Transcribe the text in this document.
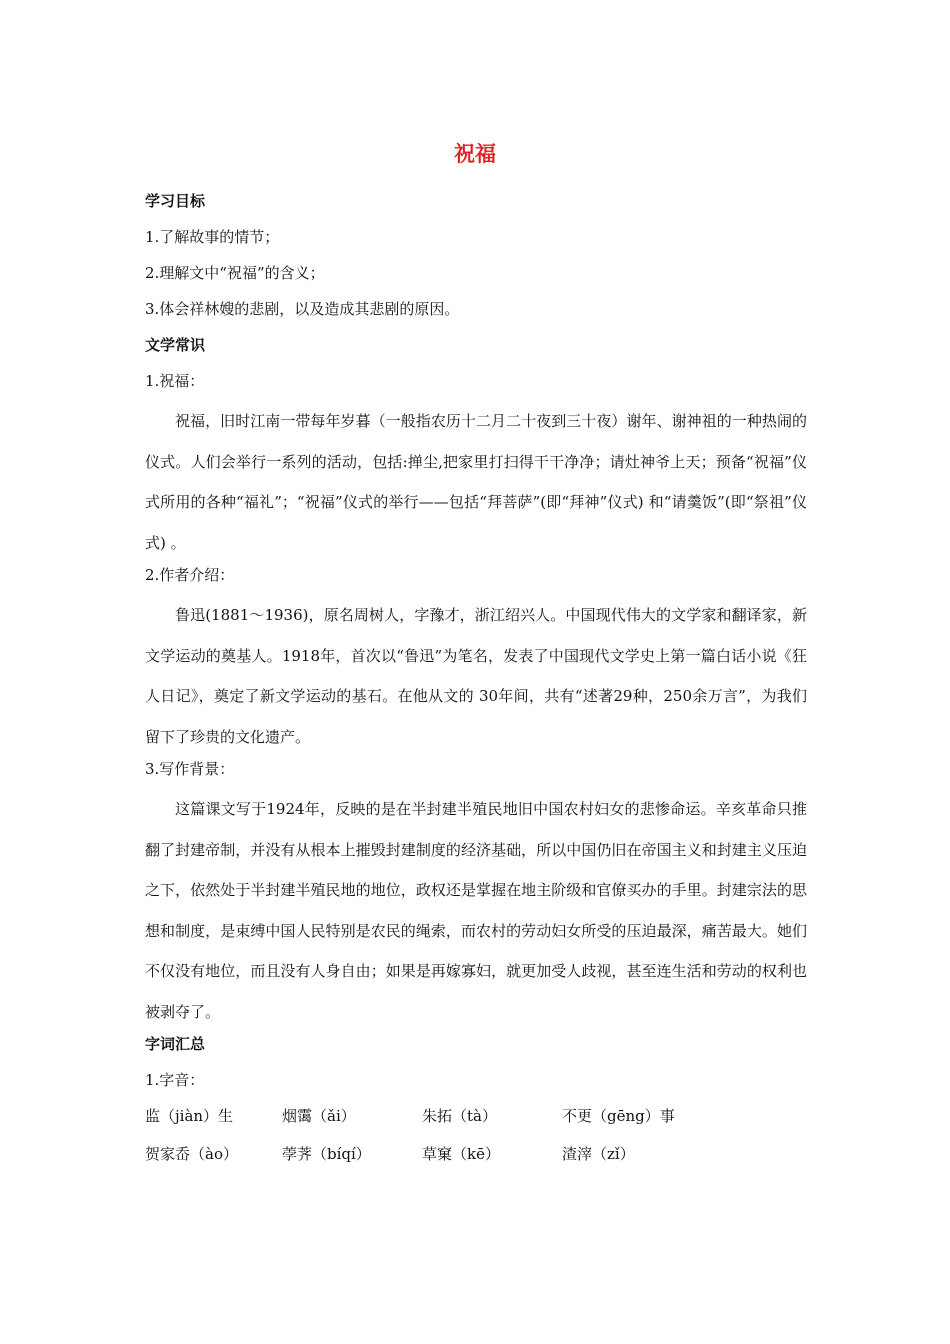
祝福
学习目标
1.了解故事的情节；
2.理解文中“祝福”的含义；
3.体会祥林嫂的悲剧，以及造成其悲剧的原因。
文学常识
1.祝福：
祝福，旧时江南一带每年岁暮（一般指农历十二月二十夜到三十夜）谢年、谢神祖的一种热闹的仪式。人们会举行一系列的活动，包括:掸尘,把家里打扫得干干净净；请灶神爷上天；预备“祝福”仪式所用的各种“福礼”；“祝福”仪式的举行——包括“拜菩萨”(即“拜神”仪式) 和“请羹饭”(即“祭祖”仪式) 。
2.作者介绍：
鲁迅(1881～1936)，原名周树人，字豫才，浙江绍兴人。中国现代伟大的文学家和翻译家，新文学运动的奠基人。1918年，首次以“鲁迅”为笔名，发表了中国现代文学史上第一篇白话小说《狂人日记》，奠定了新文学运动的基石。在他从文的 30年间，共有“述著29种，250余万言”，为我们留下了珍贵的文化遗产。
3.写作背景：
这篇课文写于1924年，反映的是在半封建半殖民地旧中国农村妇女的悲惨命运。辛亥革命只推翻了封建帝制，并没有从根本上摧毁封建制度的经济基础，所以中国仍旧在帝国主义和封建主义压迫之下，依然处于半封建半殖民地的地位，政权还是掌握在地主阶级和官僚买办的手里。封建宗法的思想和制度，是束缚中国人民特别是农民的绳索，而农村的劳动妇女所受的压迫最深，痛苦最大。她们不仅没有地位，而且没有人身自由；如果是再嫁寡妇，就更加受人歧视，甚至连生活和劳动的权利也被剥夺了。
字词汇总
1.字音：
监（jiàn）生	烟霭（ǎi）	朱拓（tà）	不更（gēng）事
贺家岙（ào）	荸荠（bíqí）	草窠（kē）	渣滓（zǐ）
